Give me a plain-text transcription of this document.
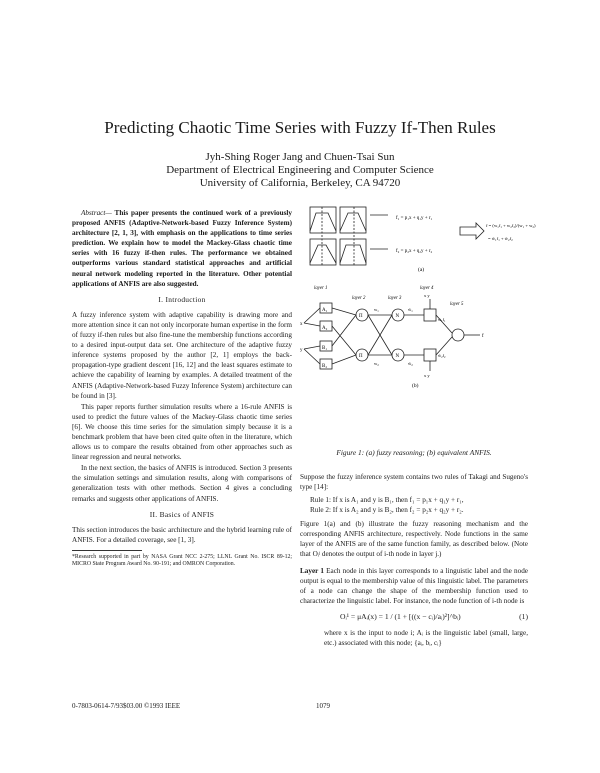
Predicting Chaotic Time Series with Fuzzy If-Then Rules
Jyh-Shing Roger Jang and Chuen-Tsai Sun
Department of Electrical Engineering and Computer Science
University of California, Berkeley, CA 94720

Abstract— This paper presents the continued work of a previously proposed ANFIS (Adaptive-Network-based Fuzzy Inference System) architecture [2, 1, 3], with emphasis on the applications to time series prediction. We explain how to model the Mackey-Glass chaotic time series with 16 fuzzy if-then rules. The performance we obtained outperforms various standard statistical approaches and artificial neural network modeling reported in the literature. Other potential applications of ANFIS are also suggested.

I. Introduction

A fuzzy inference system with adaptive capability is drawing more and more attention since it can not only incorporate human expertise in the form of fuzzy if-then rules but also fine-tune the membership functions according to a desired input-output data set. One architecture of the adaptive fuzzy inference systems proposed by the author [2, 1] employs the back-propagation-type gradient descent [16, 12] and the least squares estimate to achieve the capability of learning by examples. A detailed treatment of the ANFIS (Adaptive-Network-based Fuzzy Inference System) architecture can be found in [3].

This paper reports further simulation results where a 16-rule ANFIS is used to predict the future values of the Mackey-Glass chaotic time series [6]. We choose this time series for the simulation simply because it is a benchmark problem that have been cited quite often in the literature, which allows us to compare the results obtained from other approaches such as linear regression and neural networks.

In the next section, the basics of ANFIS is introduced. Section 3 presents the simulation settings and simulation results, along with comparisons of generalization tests with other methods. Section 4 gives a concluding remarks and suggests other applications of ANFIS.

II. Basics of ANFIS

This section introduces the basic architecture and the hybrid learning rule of ANFIS. For a detailed coverage, see [1, 3].

*Research supported in part by NASA Grant NCC 2-275; LLNL Grant No. ISCR 89-12; MICRO State Program Award No. 90-191; and OMRON Corporation.
0-7803-0614-7/93$03.00 ©1993 IEEE	1079
f₁ = p₁x + q₁y + r₁
f₂ = p₂x + q₂y + r₂
f = (w₁f₁ + w₂f₂)/(w₁ + w₂)
= w̄₁f₁ + w̄₂f₂
(a)
layer 1
layer 2	layer 3
layer 4
layer 5
A₁
A₂
B₁
B₂
Π
Π
N
N
w₁
w₂
w̄₁
w̄₂
w̄₁f₁
w̄₂f₂
f
x
y
x y
x y
(b)
Figure 1: (a) fuzzy reasoning; (b) equivalent ANFIS.

Suppose the fuzzy inference system contains two rules of Takagi and Sugeno's type [14]:

Rule 1: If x is A₁ and y is B₁, then f₁ = p₁x + q₁y + r₁,
Rule 2: If x is A₂ and y is B₂, then f₂ = p₂x + q₂y + r₂.

Figure 1(a) and (b) illustrate the fuzzy reasoning mechanism and the corresponding ANFIS architecture, respectively. Node functions in the same layer of the ANFIS are of the same function family, as described below. (Note that Oᵢʲ denotes the output of i-th node in layer j.)

Layer 1 Each node in this layer corresponds to a linguistic label and the node output is equal to the membership value of this linguistic label. The parameters of a node can change the shape of the membership function used to characterize the linguistic label. For instance, the node function of i-th node is

Oᵢ¹ = μAᵢ(x) = 1 / (1 + [((x − cᵢ)/aᵢ)²]^bᵢ)	(1)

where x is the input to node i; Aᵢ is the linguistic label (small, large, etc.) associated with this node; {aᵢ, bᵢ, cᵢ}
